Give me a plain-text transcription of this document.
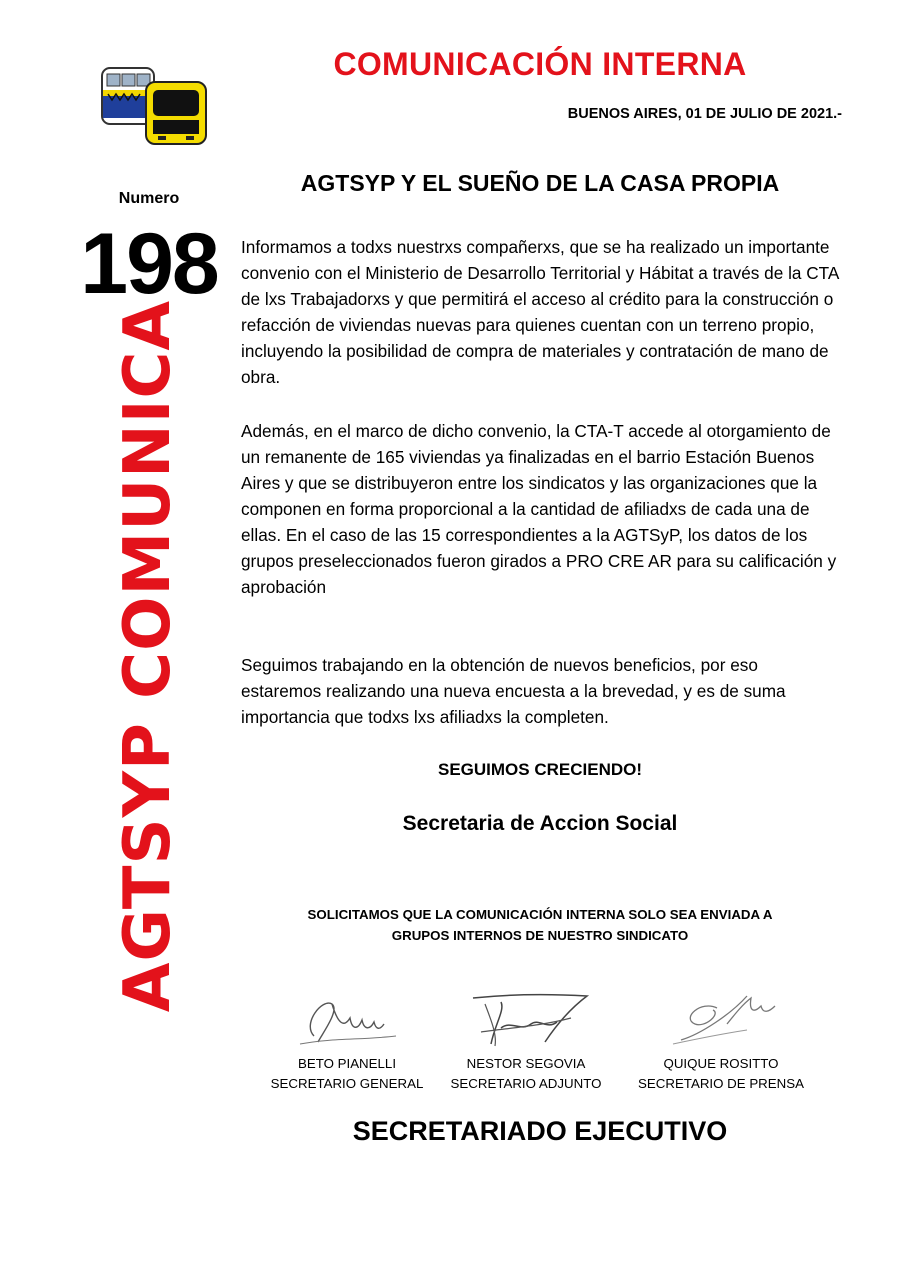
COMUNICACIÓN INTERNA
BUENOS AIRES, 01 DE JULIO DE 2021.-
Numero
198
AGTSYP COMUNICA
AGTSYP Y EL SUEÑO DE LA CASA PROPIA
Informamos a todxs nuestrxs compañerxs, que se ha realizado un importante convenio con el Ministerio de Desarrollo Territorial y Hábitat a través de la CTA de lxs Trabajadorxs y que permitirá el acceso al crédito para la construcción o refacción de viviendas nuevas para quienes cuentan con un terreno propio, incluyendo la posibilidad de compra de materiales y contratación de mano de obra.
Además, en el marco de dicho convenio, la CTA-T accede al otorgamiento de un remanente de 165 viviendas ya finalizadas en el barrio Estación Buenos Aires y que se distribuyeron entre los sindicatos y las organizaciones que la componen en forma proporcional a la cantidad de afiliadxs de cada una de ellas. En el caso de las 15 correspondientes a la AGTSyP, los datos de los grupos preseleccionados fueron girados a PRO CRE AR para su calificación y aprobación
Seguimos trabajando en la obtención de nuevos beneficios, por eso estaremos realizando una nueva encuesta a la brevedad, y es de suma importancia que todxs lxs afiliadxs la completen.
SEGUIMOS CRECIENDO!
Secretaria de Accion Social
SOLICITAMOS QUE LA COMUNICACIÓN INTERNA SOLO SEA ENVIADA A
GRUPOS INTERNOS DE NUESTRO SINDICATO
BETO PIANELLI
SECRETARIO GENERAL
NESTOR SEGOVIA
SECRETARIO ADJUNTO
QUIQUE ROSITTO
SECRETARIO DE PRENSA
SECRETARIADO EJECUTIVO
